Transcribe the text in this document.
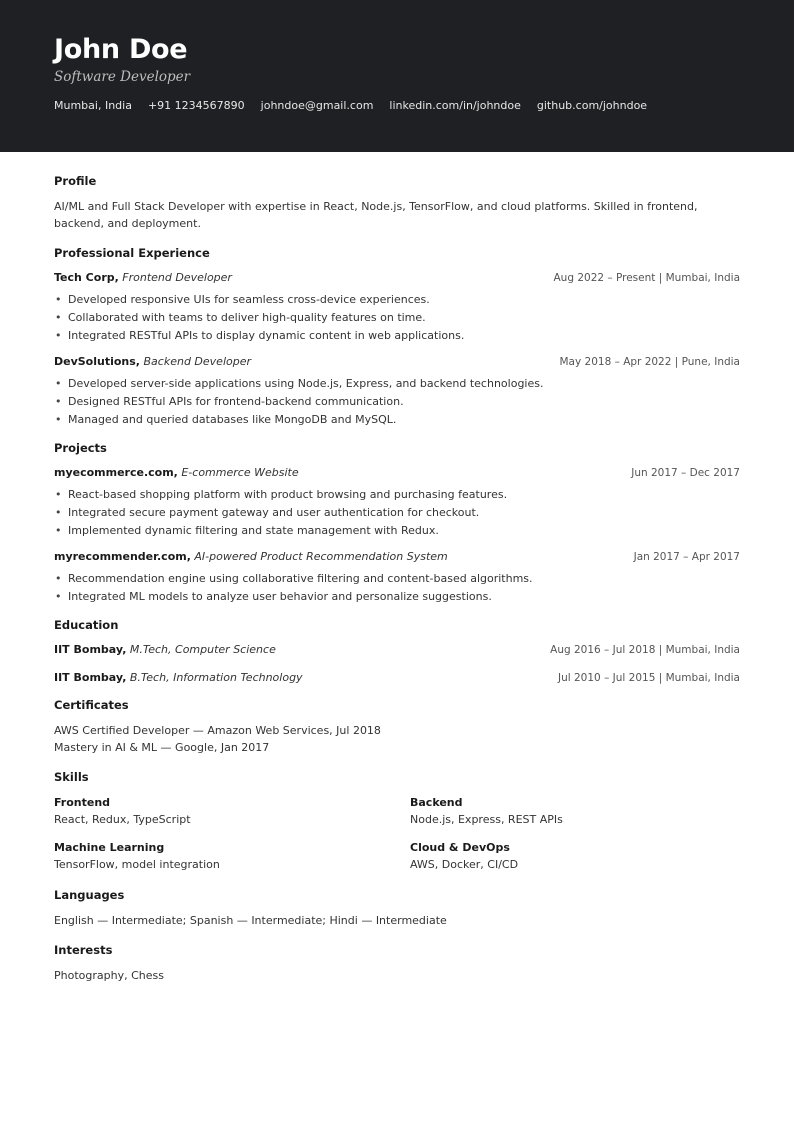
John Doe
Software Developer
Mumbai, India +91 1234567890 johndoe@gmail.com linkedin.com/in/johndoe github.com/johndoe
Profile
AI/ML and Full Stack Developer with expertise in React, Node.js, TensorFlow, and cloud platforms. Skilled in frontend, backend, and deployment.
Professional Experience
Tech Corp, Frontend Developer	Aug 2022 – Present | Mumbai, India
• Developed responsive UIs for seamless cross-device experiences.
• Collaborated with teams to deliver high-quality features on time.
• Integrated RESTful APIs to display dynamic content in web applications.
DevSolutions, Backend Developer	May 2018 – Apr 2022 | Pune, India
• Developed server-side applications using Node.js, Express, and backend technologies.
• Designed RESTful APIs for frontend-backend communication.
• Managed and queried databases like MongoDB and MySQL.
Projects
myecommerce.com, E-commerce Website	Jun 2017 – Dec 2017
• React-based shopping platform with product browsing and purchasing features.
• Integrated secure payment gateway and user authentication for checkout.
• Implemented dynamic filtering and state management with Redux.
myrecommender.com, AI-powered Product Recommendation System	Jan 2017 – Apr 2017
• Recommendation engine using collaborative filtering and content-based algorithms.
• Integrated ML models to analyze user behavior and personalize suggestions.
Education
IIT Bombay, M.Tech, Computer Science	Aug 2016 – Jul 2018 | Mumbai, India
IIT Bombay, B.Tech, Information Technology	Jul 2010 – Jul 2015 | Mumbai, India
Certificates
AWS Certified Developer — Amazon Web Services, Jul 2018
Mastery in AI & ML — Google, Jan 2017
Skills
Frontend
React, Redux, TypeScript
Backend
Node.js, Express, REST APIs
Machine Learning
TensorFlow, model integration
Cloud & DevOps
AWS, Docker, CI/CD
Languages
English — Intermediate; Spanish — Intermediate; Hindi — Intermediate
Interests
Photography, Chess
